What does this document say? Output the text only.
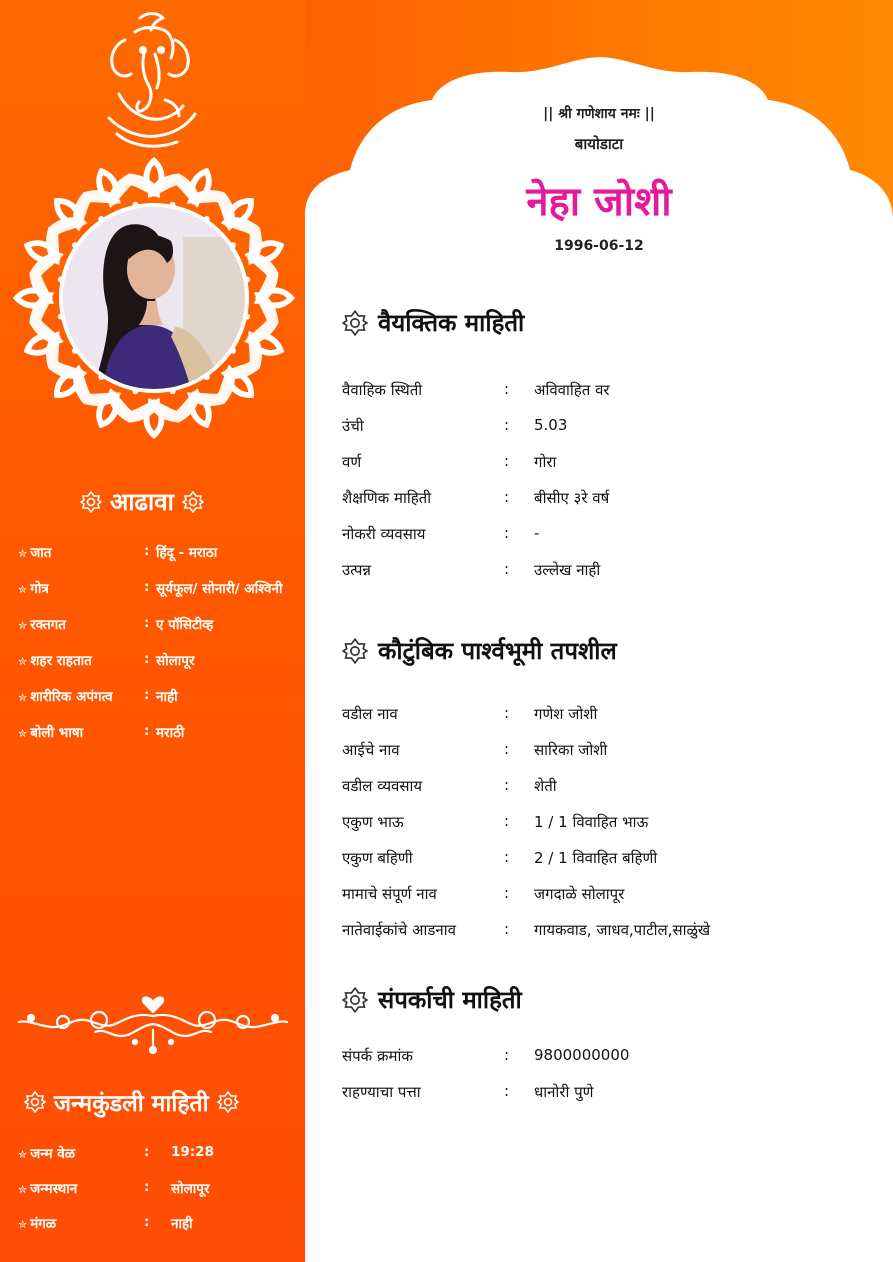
आढावा
✮ जात	: हिंदू - मराठा
✮ गोत्र	: सूर्यफूल/ सोनारी/ अश्विनी
✮ रक्तगत	: ए पॉसिटीव्ह
✮ शहर राहतात	: सोलापूर
✮ शारीरिक अपंगत्व : नाही
✮ बोली भाषा	: मराठी
जन्मकुंडली माहिती
✮ जन्म वेळ	: 19:28
✮ जन्मस्थान	: सोलापूर
✮ मंगळ	: नाही
|| श्री गणेशाय नमः ||
बायोडाटा
नेहा जोशी
1996-06-12
वैयक्तिक माहिती
वैवाहिक स्थिती	: अविवाहित वर
उंची	: 5.03
वर्ण	: गोरा
शैक्षणिक माहिती	: बीसीए ३रे वर्ष
नोकरी व्यवसाय	: -
उत्पन्न	: उल्लेख नाही
कौटुंबिक पार्श्वभूमी तपशील
वडील नाव	: गणेश जोशी
आईचे नाव	: सारिका जोशी
वडील व्यवसाय	: शेती
एकुण भाऊ	: 1 / 1 विवाहित भाऊ
एकुण बहिणी	: 2 / 1 विवाहित बहिणी
मामाचे संपूर्ण नाव	: जगदाळे सोलापूर
नातेवाईकांचे आडनाव	: गायकवाड, जाधव,पाटील,साळुंखे
संपर्काची माहिती
संपर्क क्रमांक	: 9800000000
राहण्याचा पत्ता	: धानोरी पुणे
